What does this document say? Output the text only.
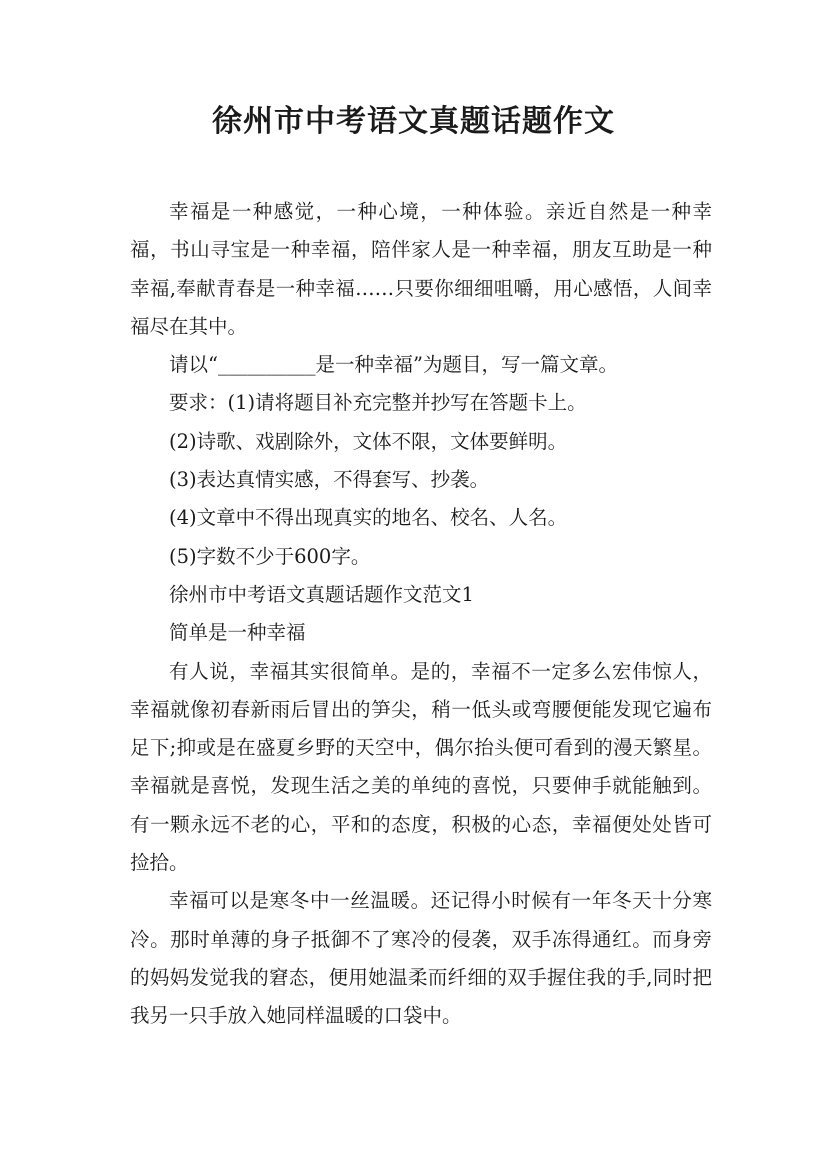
徐州市中考语文真题话题作文

幸福是一种感觉，一种心境，一种体验。亲近自然是一种幸福，书山寻宝是一种幸福，陪伴家人是一种幸福，朋友互助是一种幸福,奉献青春是一种幸福……只要你细细咀嚼，用心感悟，人间幸福尽在其中。

请以“__________是一种幸福”为题目，写一篇文章。

要求：(1)请将题目补充完整并抄写在答题卡上。

(2)诗歌、戏剧除外，文体不限，文体要鲜明。

(3)表达真情实感，不得套写、抄袭。

(4)文章中不得出现真实的地名、校名、人名。

(5)字数不少于600字。

徐州市中考语文真题话题作文范文1

简单是一种幸福

有人说，幸福其实很简单。是的，幸福不一定多么宏伟惊人，幸福就像初春新雨后冒出的笋尖，稍一低头或弯腰便能发现它遍布足下;抑或是在盛夏乡野的天空中，偶尔抬头便可看到的漫天繁星。幸福就是喜悦，发现生活之美的单纯的喜悦，只要伸手就能触到。有一颗永远不老的心，平和的态度，积极的心态，幸福便处处皆可捡拾。

幸福可以是寒冬中一丝温暖。还记得小时候有一年冬天十分寒冷。那时单薄的身子抵御不了寒冷的侵袭，双手冻得通红。而身旁的妈妈发觉我的窘态，便用她温柔而纤细的双手握住我的手,同时把我另一只手放入她同样温暖的口袋中。
